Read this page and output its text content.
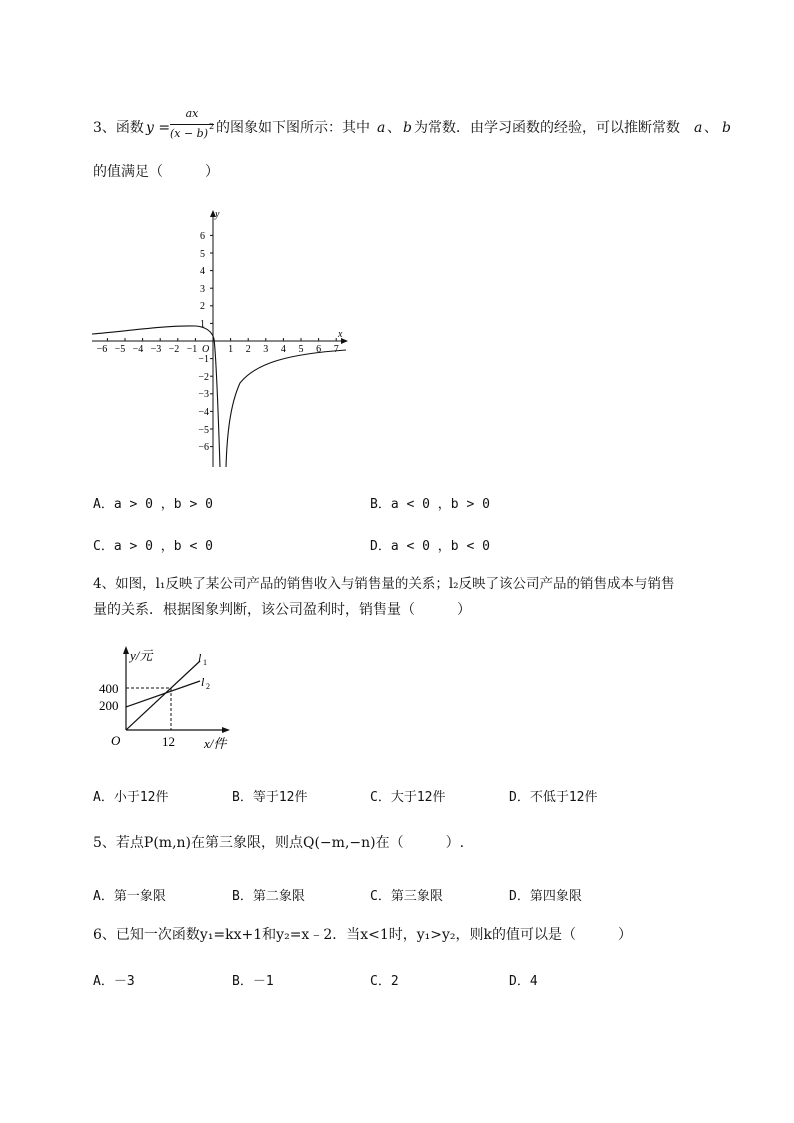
3、函数 y =
ax
(x − b)
2 的图象如下图所示：其中 a 、 b 为常数．由学习函数的经验，可以推断常数 a 、 b
的值满足（　　　）
y
x
O
6
5
4
3
2
1
−1
−2
−3
−4
−5
−6
−6 −5 −4 −3 −2 −1	1 2 3 4 5 6 7
A．a > 0 ，b > 0	B．a < 0 ，b > 0
C．a > 0 ，b < 0	D．a < 0 ，b < 0
4、如图，l₁反映了某公司产品的销售收入与销售量的关系；l₂反映了该公司产品的销售成本与销售
量的关系．根据图象判断，该公司盈利时，销售量（　　　）
y/元
x/件
O
400
200
12
l 1
l 2
A．小于12件	B．等于12件	C．大于12件	D．不低于12件
5、若点P(m,n)在第三象限，则点Q(−m,−n)在（　　　）.
A．第一象限	B．第二象限	C．第三象限	D．第四象限
6、已知一次函数y₁=kx+1和y₂=x﹣2．当x<1时，y₁>y₂，则k的值可以是（　　　）
A．－3	B．－1	C．2	D．4
